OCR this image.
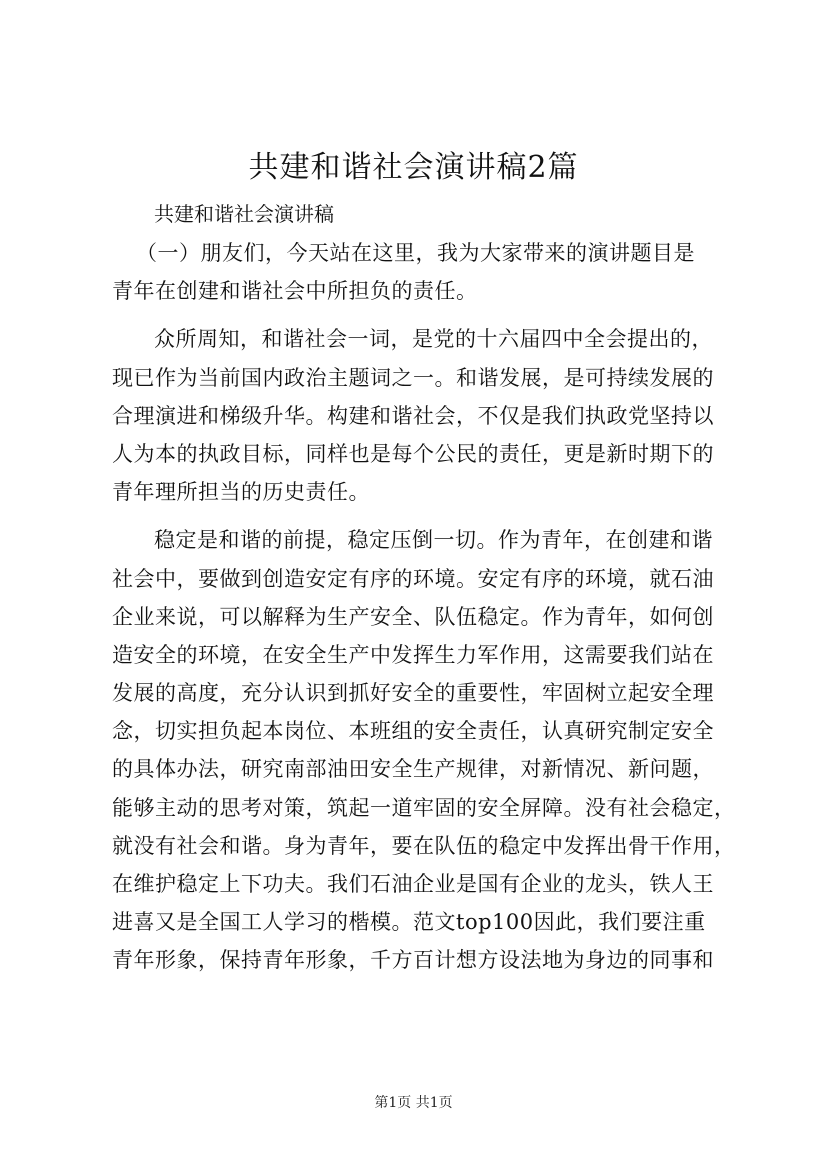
共建和谐社会演讲稿2篇
共建和谐社会演讲稿
（一）朋友们，今天站在这里，我为大家带来的演讲题目是
青年在创建和谐社会中所担负的责任。
众所周知，和谐社会一词，是党的十六届四中全会提出的，
现已作为当前国内政治主题词之一。和谐发展，是可持续发展的
合理演进和梯级升华。构建和谐社会，不仅是我们执政党坚持以
人为本的执政目标，同样也是每个公民的责任，更是新时期下的
青年理所担当的历史责任。
稳定是和谐的前提，稳定压倒一切。作为青年，在创建和谐
社会中，要做到创造安定有序的环境。安定有序的环境，就石油
企业来说，可以解释为生产安全、队伍稳定。作为青年，如何创
造安全的环境，在安全生产中发挥生力军作用，这需要我们站在
发展的高度，充分认识到抓好安全的重要性，牢固树立起安全理
念，切实担负起本岗位、本班组的安全责任，认真研究制定安全
的具体办法，研究南部油田安全生产规律，对新情况、新问题，
能够主动的思考对策，筑起一道牢固的安全屏障。没有社会稳定，
就没有社会和谐。身为青年，要在队伍的稳定中发挥出骨干作用，
在维护稳定上下功夫。我们石油企业是国有企业的龙头，铁人王
进喜又是全国工人学习的楷模。范文top100因此，我们要注重
青年形象，保持青年形象，千方百计想方设法地为身边的同事和
第1页 共1页
